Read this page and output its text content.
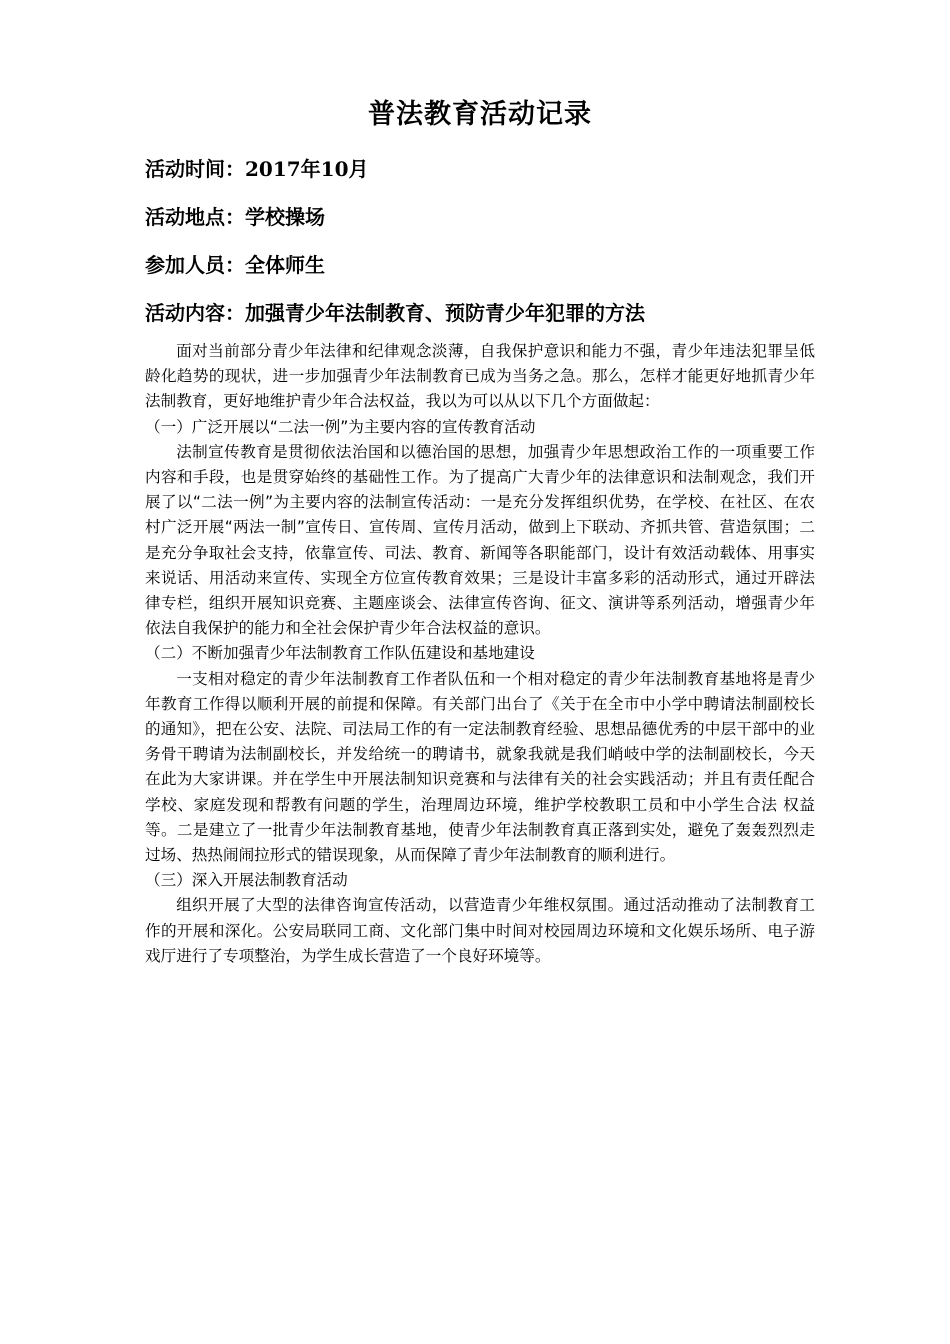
普法教育活动记录
活动时间：2017年10月
活动地点：学校操场
参加人员：全体师生
活动内容：加强青少年法制教育、预防青少年犯罪的方法

面对当前部分青少年法律和纪律观念淡薄，自我保护意识和能力不强，青少年违法犯罪呈低龄化趋势的现状，进一步加强青少年法制教育已成为当务之急。那么，怎样才能更好地抓青少年法制教育，更好地维护青少年合法权益，我以为可以从以下几个方面做起：

（一）广泛开展以“二法一例”为主要内容的宣传教育活动

法制宣传教育是贯彻依法治国和以德治国的思想，加强青少年思想政治工作的一项重要工作内容和手段，也是贯穿始终的基础性工作。为了提高广大青少年的法律意识和法制观念，我们开展了以“二法一例”为主要内容的法制宣传活动：一是充分发挥组织优势，在学校、在社区、在农村广泛开展“两法一制”宣传日、宣传周、宣传月活动，做到上下联动、齐抓共管、营造氛围；二是充分争取社会支持，依靠宣传、司法、教育、新闻等各职能部门，设计有效活动载体、用事实来说话、用活动来宣传、实现全方位宣传教育效果；三是设计丰富多彩的活动形式，通过开辟法律专栏，组织开展知识竞赛、主题座谈会、法律宣传咨询、征文、演讲等系列活动，增强青少年依法自我保护的能力和全社会保护青少年合法权益的意识。

（二）不断加强青少年法制教育工作队伍建设和基地建设

一支相对稳定的青少年法制教育工作者队伍和一个相对稳定的青少年法制教育基地将是青少年教育工作得以顺利开展的前提和保障。有关部门出台了《关于在全市中小学中聘请法制副校长的通知》，把在公安、法院、司法局工作的有一定法制教育经验、思想品德优秀的中层干部中的业务骨干聘请为法制副校长，并发给统一的聘请书，就象我就是我们峭岐中学的法制副校长，今天在此为大家讲课。并在学生中开展法制知识竞赛和与法律有关的社会实践活动；并且有责任配合学校、家庭发现和帮教有问题的学生，治理周边环境，维护学校教职工员和中小学生合法 权益等。二是建立了一批青少年法制教育基地，使青少年法制教育真正落到实处，避免了轰轰烈烈走过场、热热闹闹拉形式的错误现象，从而保障了青少年法制教育的顺利进行。

（三）深入开展法制教育活动

组织开展了大型的法律咨询宣传活动，以营造青少年维权氛围。通过活动推动了法制教育工作的开展和深化。公安局联同工商、文化部门集中时间对校园周边环境和文化娱乐场所、电子游戏厅进行了专项整治，为学生成长营造了一个良好环境等。
